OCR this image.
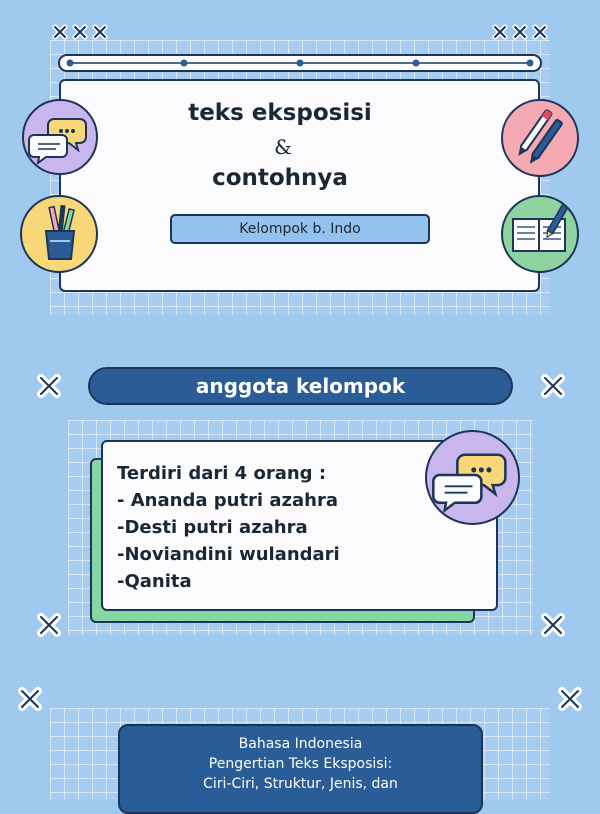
teks eksposisi
&
contohnya
Kelompok b. Indo
anggota kelompok
Terdiri dari 4 orang :
- Ananda putri azahra
-Desti putri azahra
-Noviandini wulandari
-Qanita
Bahasa Indonesia
Pengertian Teks Eksposisi:
Ciri-Ciri, Struktur, Jenis, dan
